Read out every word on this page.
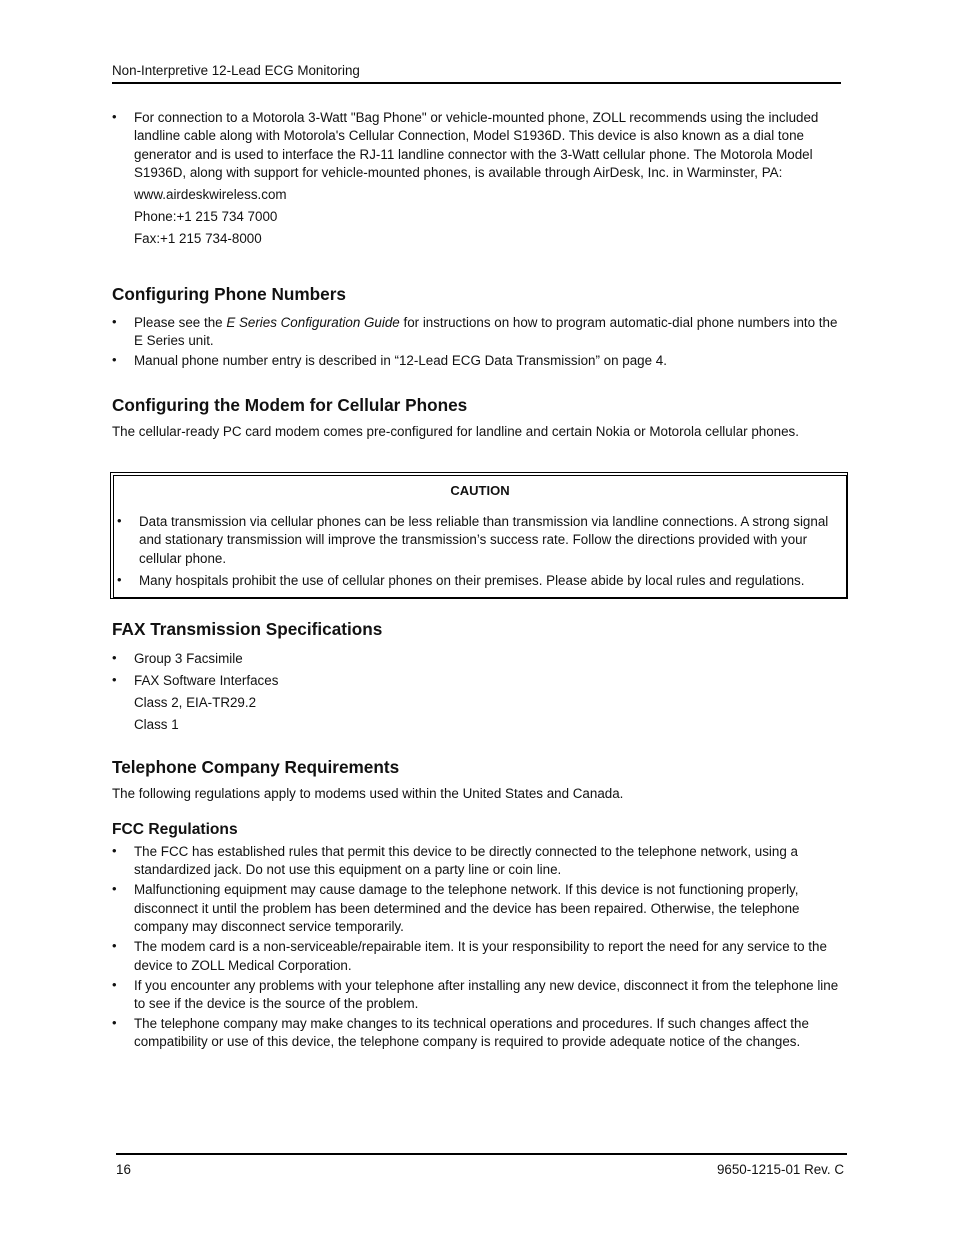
Non-Interpretive 12-Lead ECG Monitoring
• For connection to a Motorola 3-Watt "Bag Phone" or vehicle-mounted phone, ZOLL recommends using the included landline cable along with Motorola's Cellular Connection, Model S1936D. This device is also known as a dial tone generator and is used to interface the RJ-11 landline connector with the 3-Watt cellular phone. The Motorola Model S1936D, along with support for vehicle-mounted phones, is available through AirDesk, Inc. in Warminster, PA:
www.airdeskwireless.com
Phone:+1 215 734 7000
Fax:+1 215 734-8000
Configuring Phone Numbers
• Please see the E Series Configuration Guide for instructions on how to program automatic-dial phone numbers into the E Series unit.
• Manual phone number entry is described in “12-Lead ECG Data Transmission” on page 4.
Configuring the Modem for Cellular Phones

The cellular-ready PC card modem comes pre-configured for landline and certain Nokia or Motorola cellular phones.

CAUTION
• Data transmission via cellular phones can be less reliable than transmission via landline connections. A strong signal and stationary transmission will improve the transmission’s success rate. Follow the directions provided with your cellular phone.
• Many hospitals prohibit the use of cellular phones on their premises. Please abide by local rules and regulations.
FAX Transmission Specifications
• Group 3 Facsimile
• FAX Software Interfaces
Class 2, EIA-TR29.2
Class 1
Telephone Company Requirements

The following regulations apply to modems used within the United States and Canada.

FCC Regulations
• The FCC has established rules that permit this device to be directly connected to the telephone network, using a standardized jack. Do not use this equipment on a party line or coin line.
• Malfunctioning equipment may cause damage to the telephone network. If this device is not functioning properly, disconnect it until the problem has been determined and the device has been repaired. Otherwise, the telephone company may disconnect service temporarily.
• The modem card is a non-serviceable/repairable item. It is your responsibility to report the need for any service to the device to ZOLL Medical Corporation.
• If you encounter any problems with your telephone after installing any new device, disconnect it from the telephone line to see if the device is the source of the problem.
• The telephone company may make changes to its technical operations and procedures. If such changes affect the compatibility or use of this device, the telephone company is required to provide adequate notice of the changes.
16	9650-1215-01 Rev. C
